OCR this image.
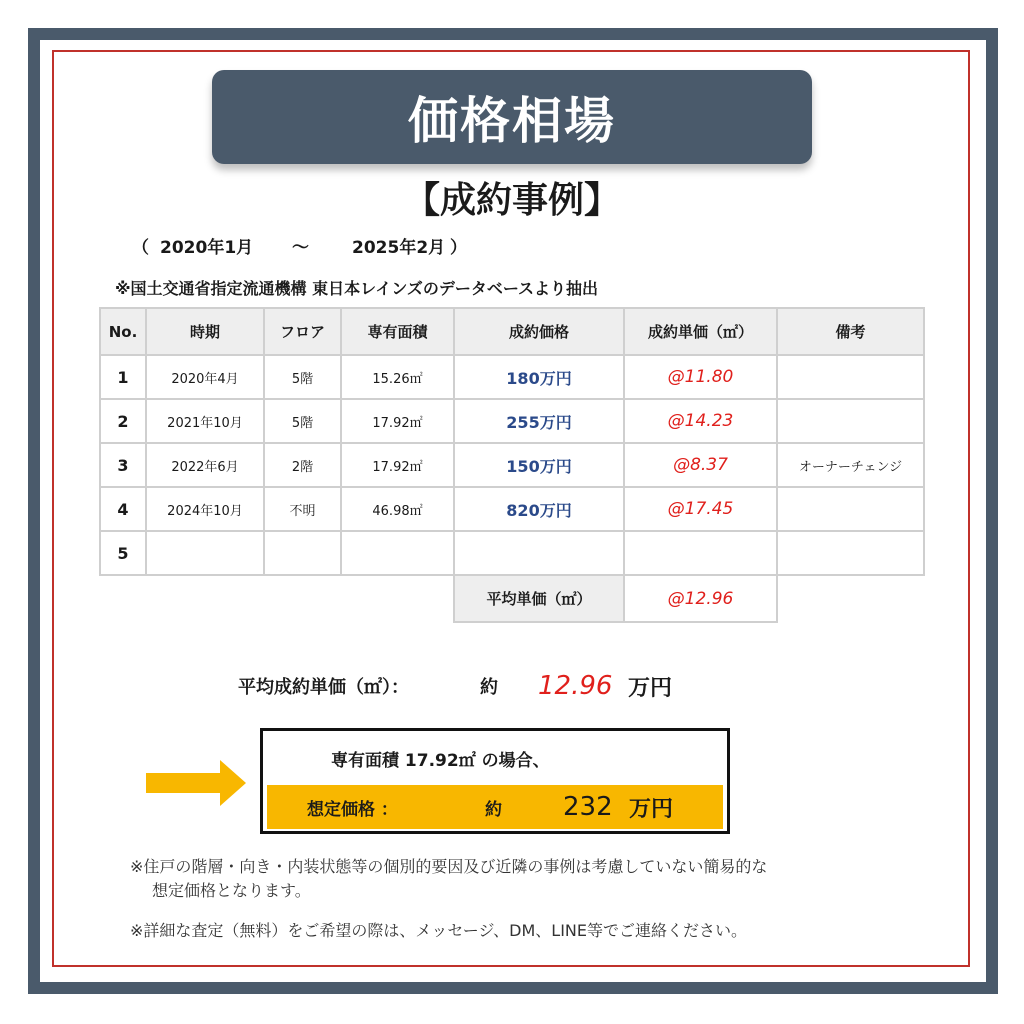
価格相場
【成約事例】
（ 2020年1月 〜	2025年2月 ）
※国土交通省指定流通機構 東日本レインズのデータベースより抽出
No.	時期	フロア	専有面積	成約価格	成約単価（㎡）	備考
1	2020年4月	5階	15.26㎡	180万円	@11.80	
2	2021年10月	5階	17.92㎡	255万円	@14.23	
3	2022年6月	2階	17.92㎡	150万円	@8.37	オーナーチェンジ
4	2024年10月	不明	46.98㎡	820万円	@17.45	
5						
				平均単価（㎡）	@12.96	
平均成約単価（㎡）：	約 12.96 万円
専有面積 17.92㎡ の場合、
想定価格 ：	約 232 万円
※住戸の階層・向き・内装状態等の個別的要因及び近隣の事例は考慮していない簡易的な
想定価格となります。
※詳細な査定（無料）をご希望の際は、メッセージ、DM、LINE等でご連絡ください。
